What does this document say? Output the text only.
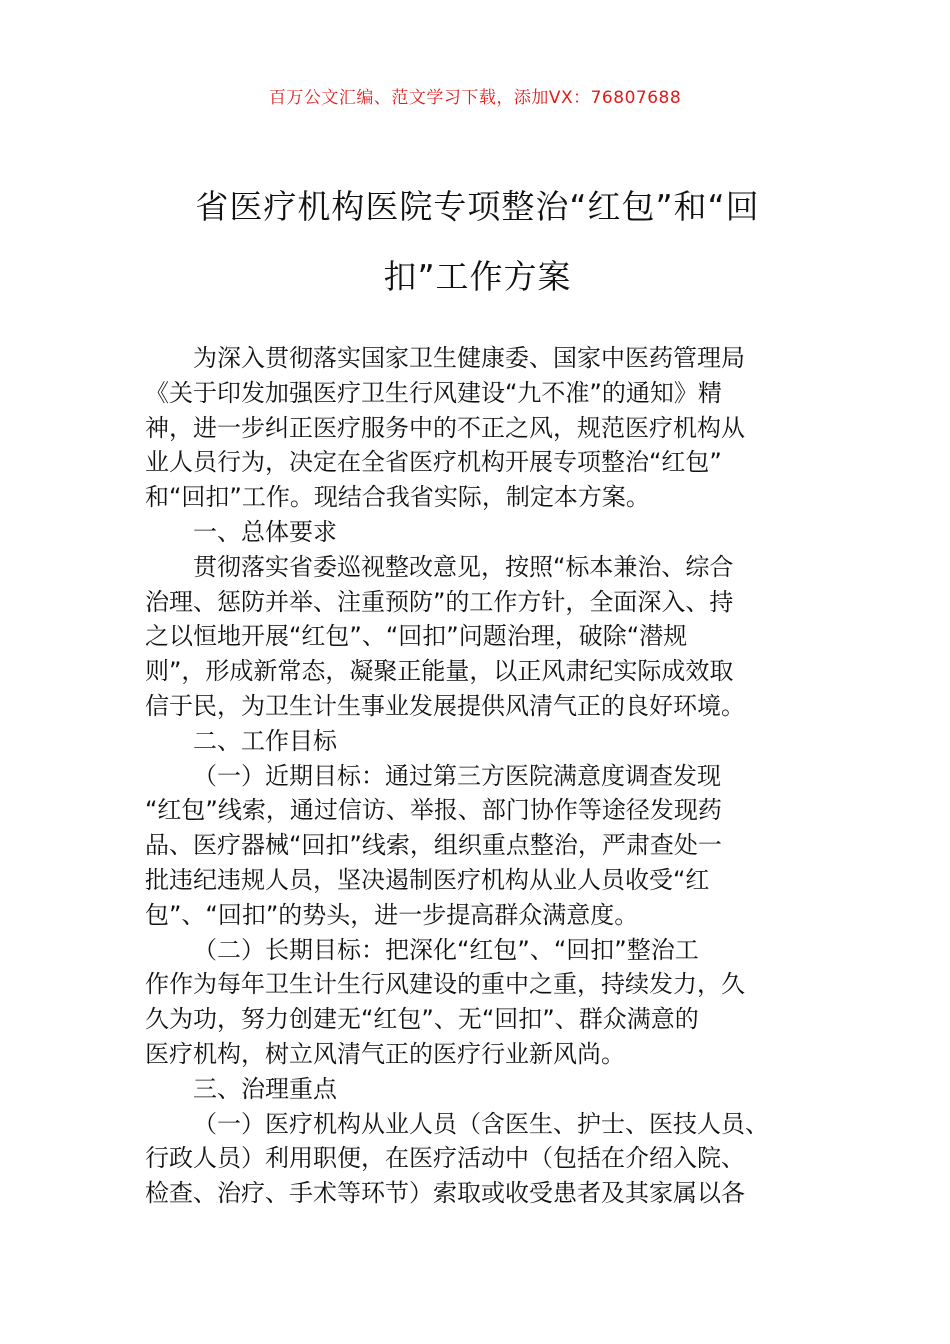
百万公文汇编、范文学习下载，添加VX：76807688
省医疗机构医院专项整治“红包”和“回
扣”工作方案
为深入贯彻落实国家卫生健康委、国家中医药管理局
《关于印发加强医疗卫生行风建设“九不准”的通知》精
神，进一步纠正医疗服务中的不正之风，规范医疗机构从
业人员行为，决定在全省医疗机构开展专项整治“红包”
和“回扣”工作。现结合我省实际，制定本方案。
一、总体要求
贯彻落实省委巡视整改意见，按照“标本兼治、综合
治理、惩防并举、注重预防”的工作方针，全面深入、持
之以恒地开展“红包”、“回扣”问题治理，破除“潜规
则”，形成新常态，凝聚正能量，以正风肃纪实际成效取
信于民，为卫生计生事业发展提供风清气正的良好环境。
二、工作目标
（一）近期目标：通过第三方医院满意度调查发现
“红包”线索，通过信访、举报、部门协作等途径发现药
品、医疗器械“回扣”线索，组织重点整治，严肃查处一
批违纪违规人员，坚决遏制医疗机构从业人员收受“红
包”、“回扣”的势头，进一步提高群众满意度。
（二）长期目标：把深化“红包”、“回扣”整治工
作作为每年卫生计生行风建设的重中之重，持续发力，久
久为功，努力创建无“红包”、无“回扣”、群众满意的
医疗机构，树立风清气正的医疗行业新风尚。
三、治理重点
（一）医疗机构从业人员（含医生、护士、医技人员、
行政人员）利用职便，在医疗活动中（包括在介绍入院、
检查、治疗、手术等环节）索取或收受患者及其家属以各
